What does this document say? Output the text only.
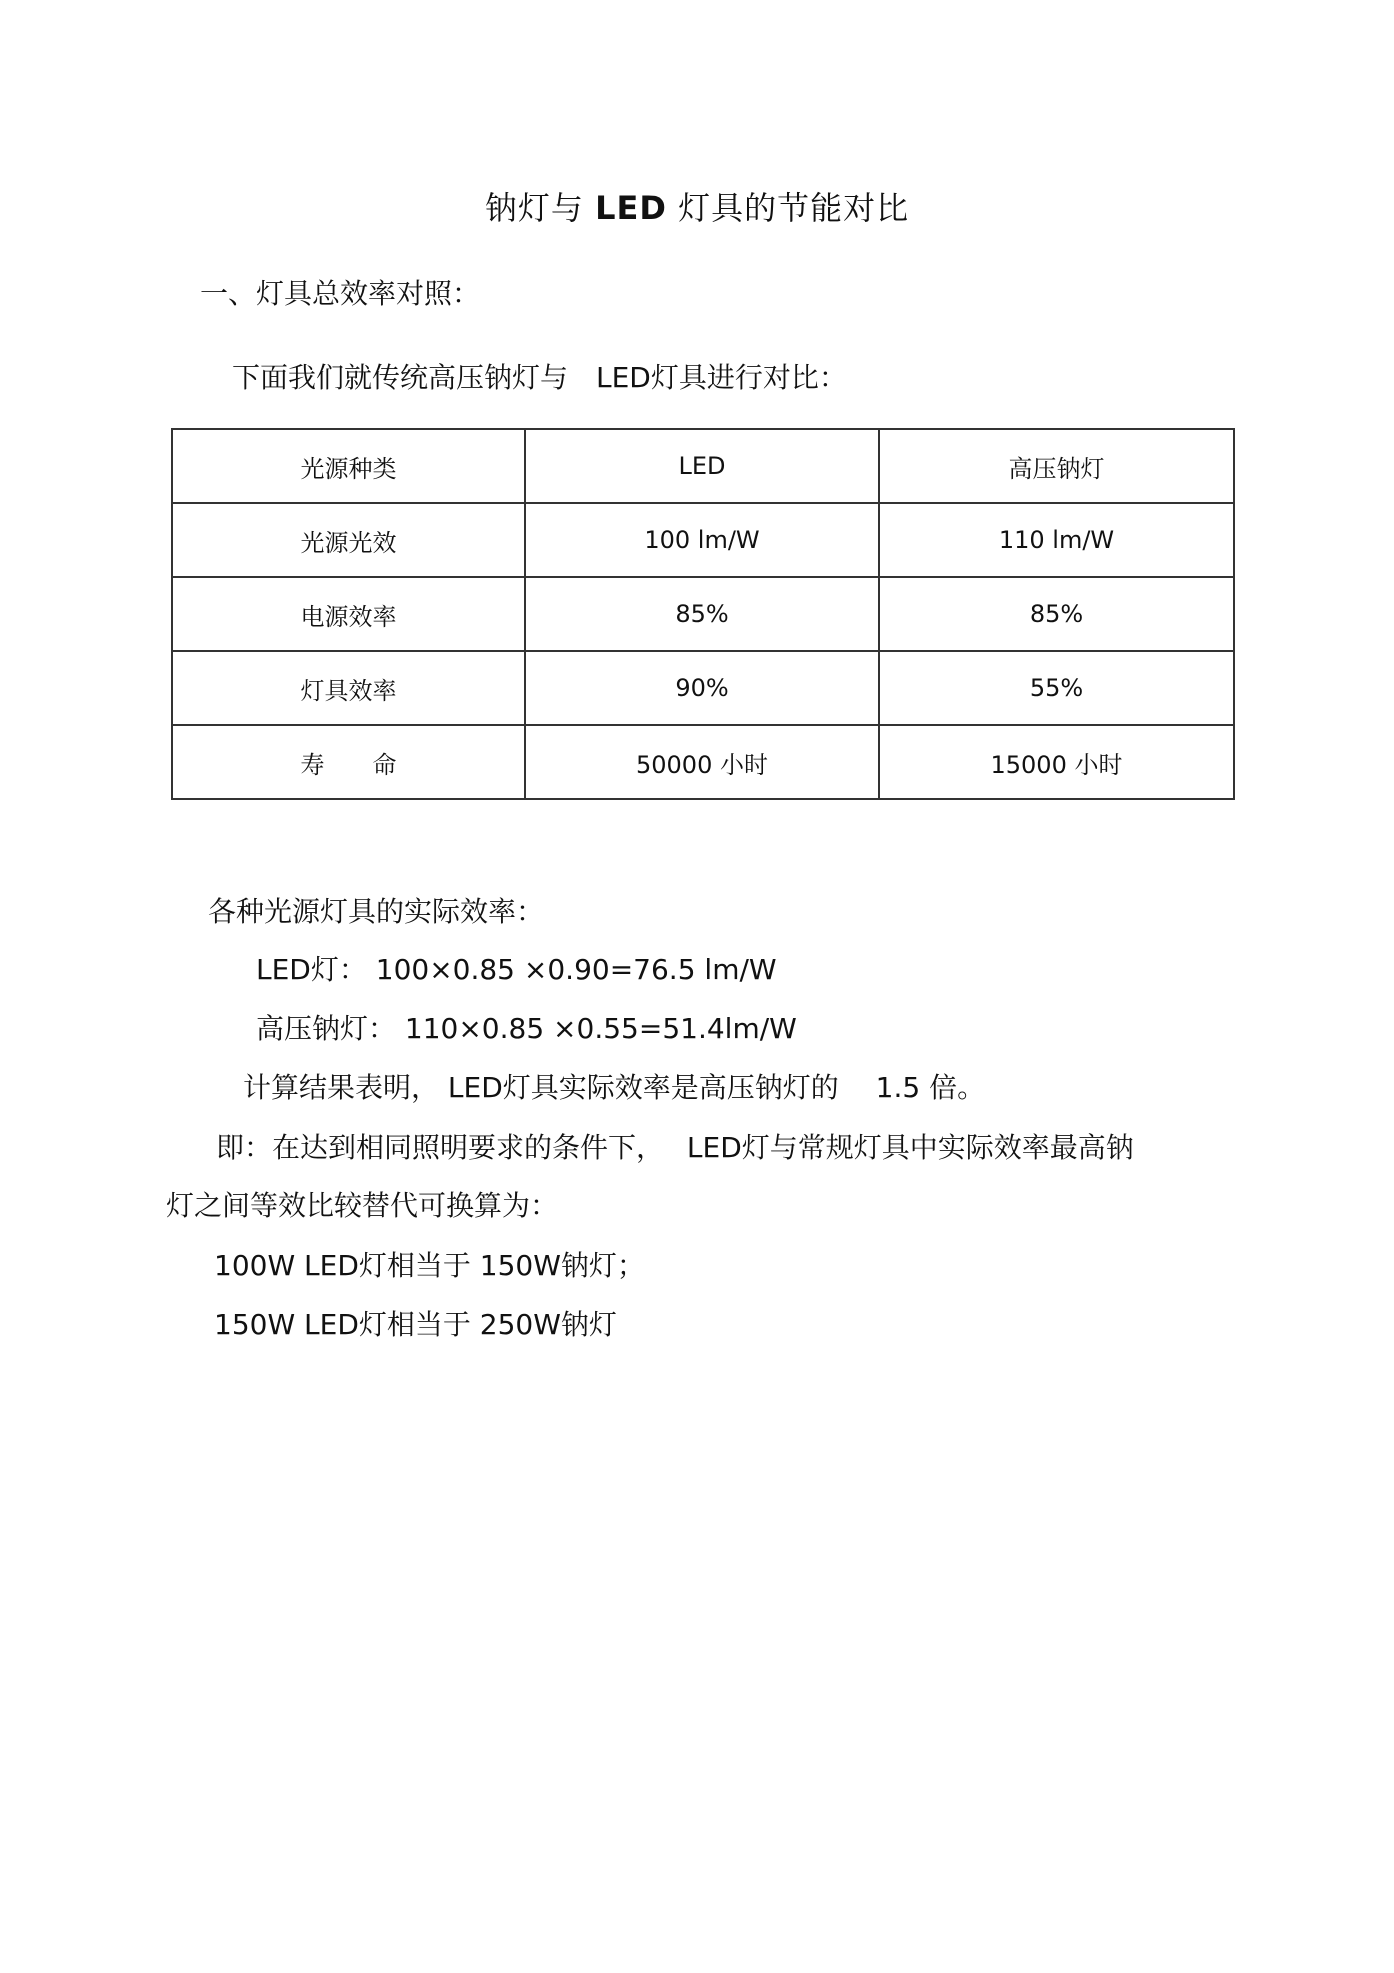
钠灯与 LED 灯具的节能对比
一、灯具总效率对照：
下面我们就传统高压钠灯与　LED灯具进行对比：
光源种类	LED	高压钠灯
光源光效	100 lm/W	110 lm/W
电源效率	85%	85%
灯具效率	90%	55%
寿　　命	50000 小时	15000 小时
各种光源灯具的实际效率：
LED灯： 100×0.85 ×0.90=76.5 lm/W
高压钠灯： 110×0.85 ×0.55=51.4lm/W
计算结果表明， LED灯具实际效率是高压钠灯的　 1.5 倍。
即：在达到相同照明要求的条件下，　 LED灯与常规灯具中实际效率最高钠
灯之间等效比较替代可换算为：
100W LED灯相当于 150W钠灯；
150W LED灯相当于 250W钠灯
